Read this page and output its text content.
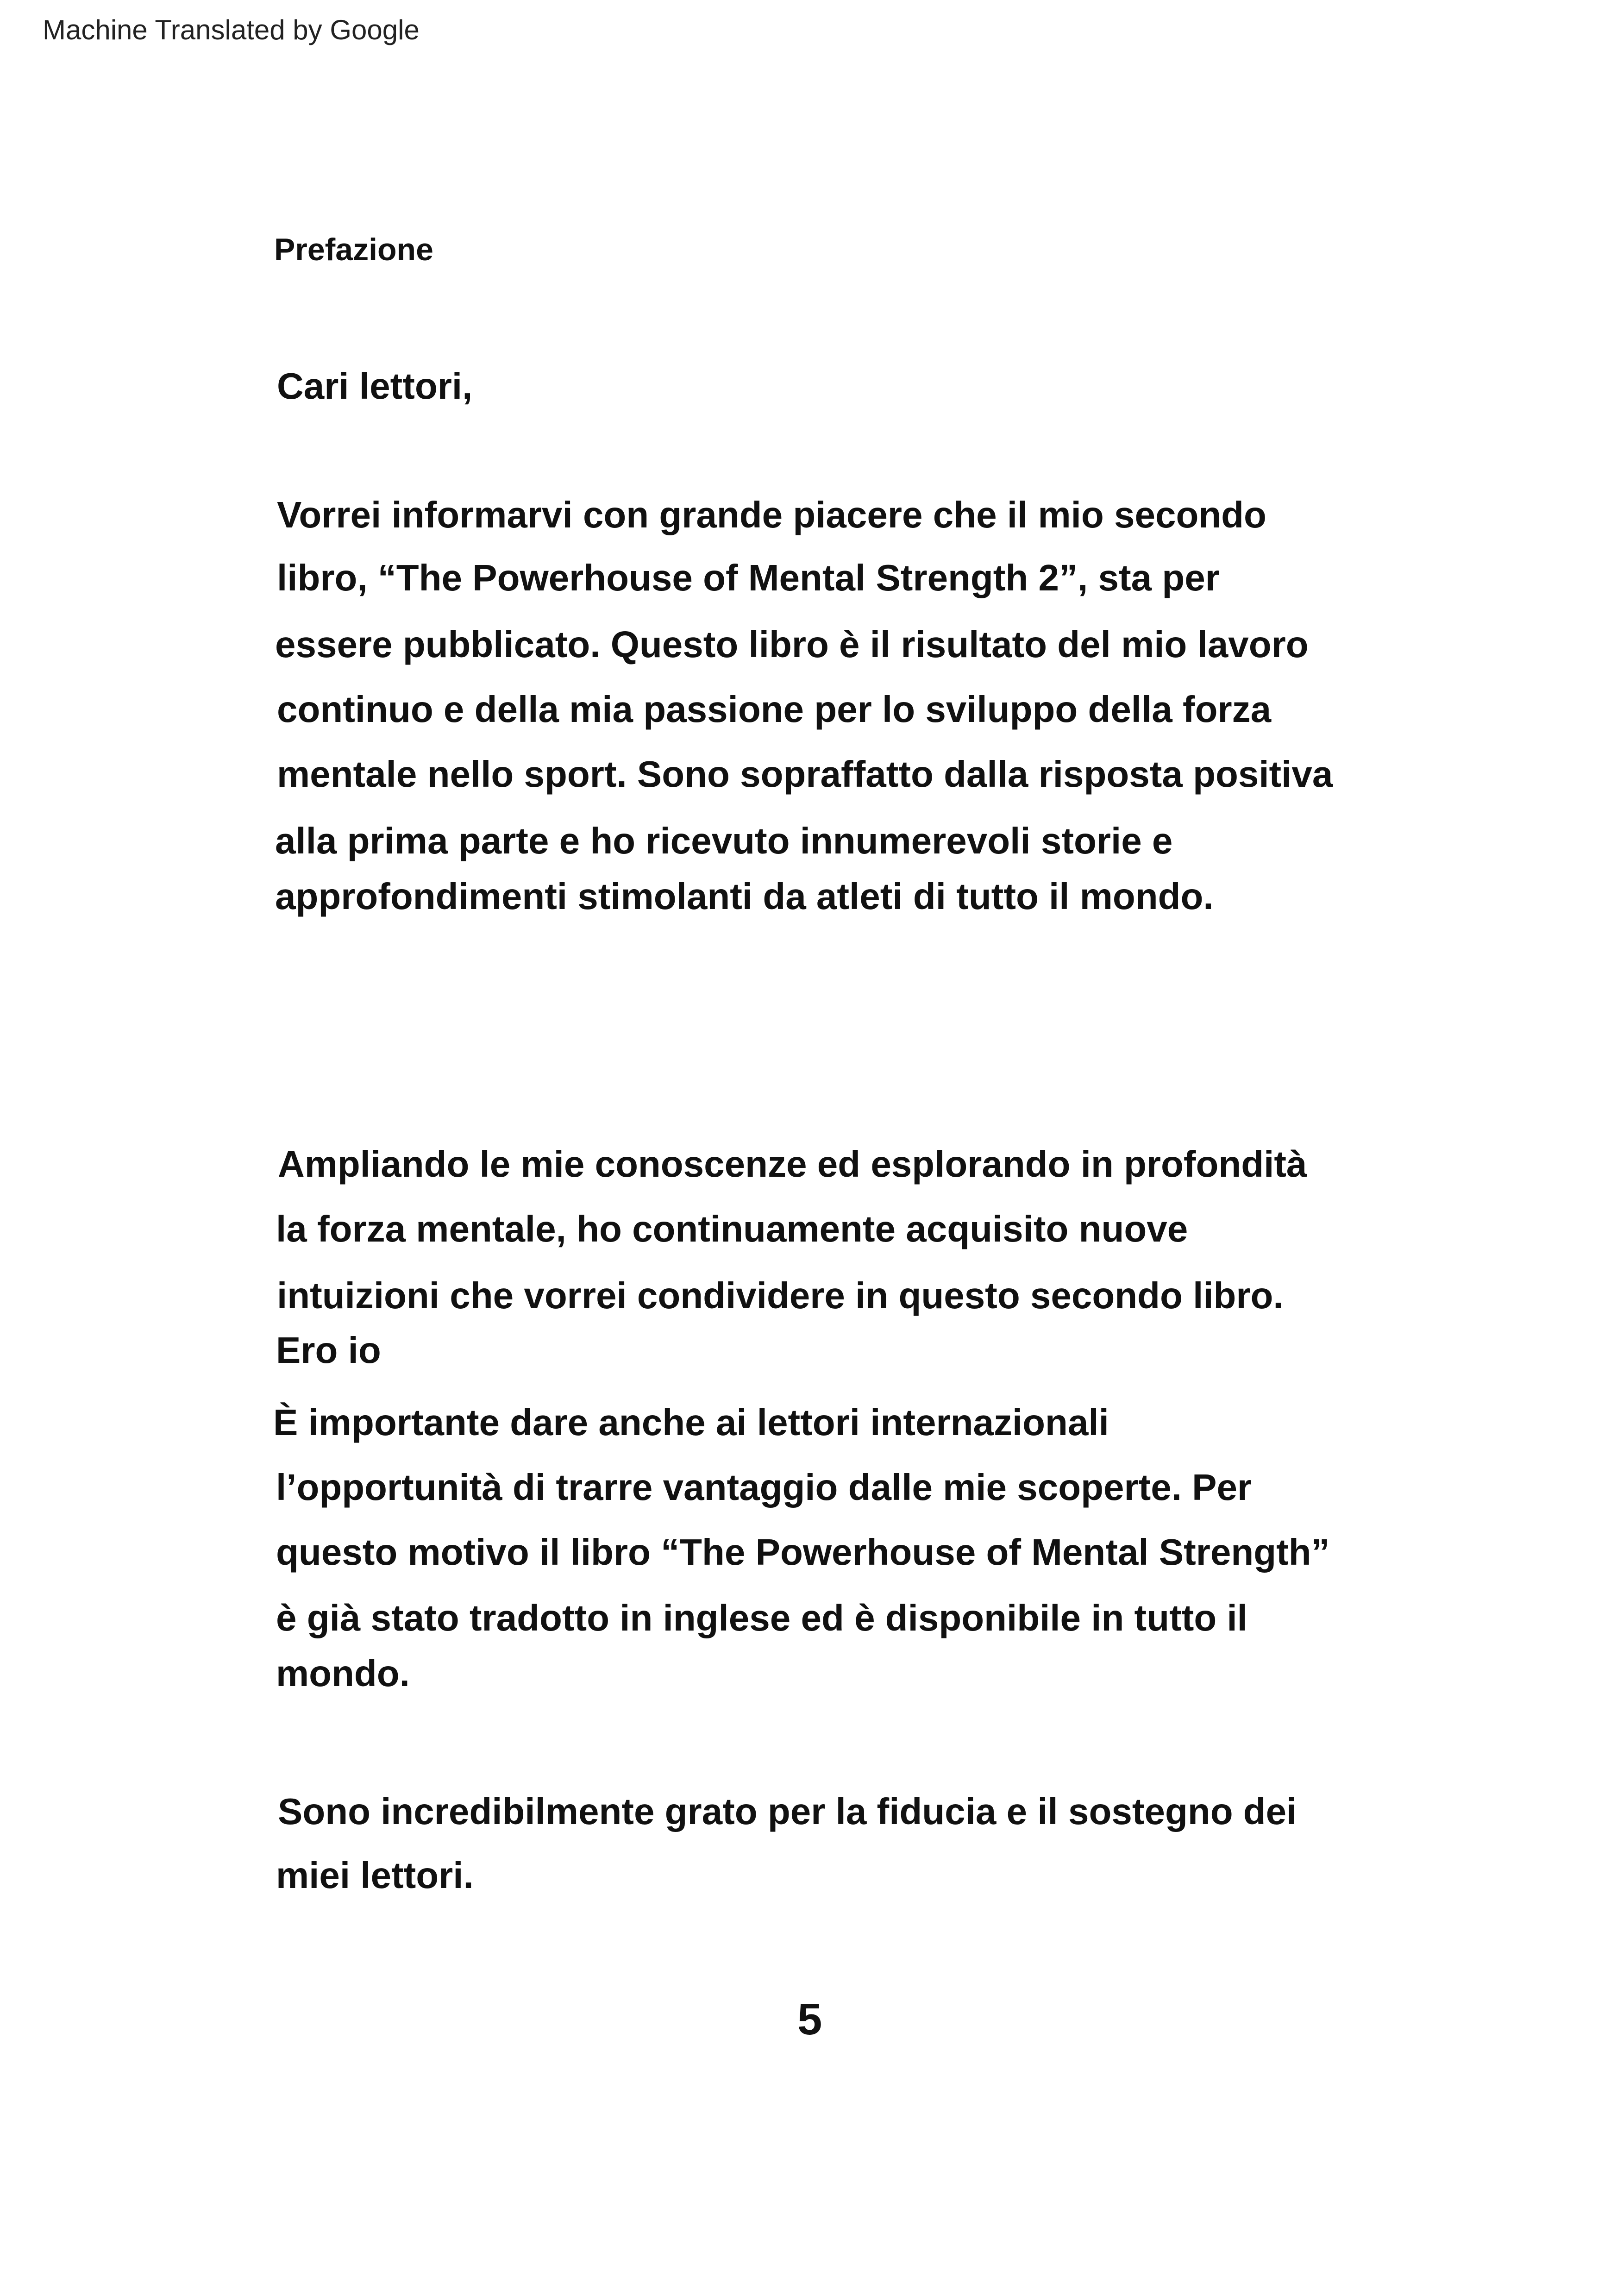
Machine Translated by Google
Prefazione
Cari lettori,
Vorrei informarvi con grande piacere che il mio secondo
libro, “The Powerhouse of Mental Strength 2”, sta per
essere pubblicato. Questo libro è il risultato del mio lavoro
continuo e della mia passione per lo sviluppo della forza
mentale nello sport. Sono sopraffatto dalla risposta positiva
alla prima parte e ho ricevuto innumerevoli storie e
approfondimenti stimolanti da atleti di tutto il mondo.
Ampliando le mie conoscenze ed esplorando in profondità
la forza mentale, ho continuamente acquisito nuove
intuizioni che vorrei condividere in questo secondo libro.
Ero io
È importante dare anche ai lettori internazionali
l’opportunità di trarre vantaggio dalle mie scoperte. Per
questo motivo il libro “The Powerhouse of Mental Strength”
è già stato tradotto in inglese ed è disponibile in tutto il
mondo.
Sono incredibilmente grato per la fiducia e il sostegno dei
miei lettori.
5
